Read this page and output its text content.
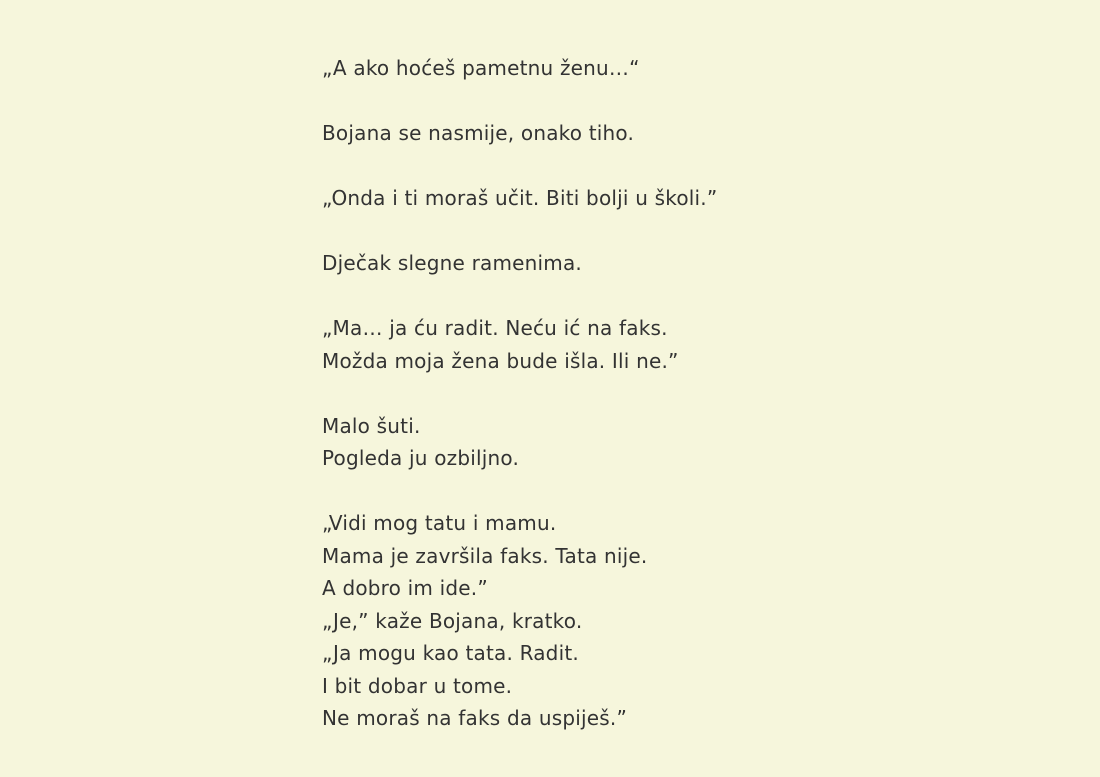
„A ako hoćeš pametnu ženu…“
Bojana se nasmije, onako tiho.
„Onda i ti moraš učit. Biti bolji u školi.”
Dječak slegne ramenima.
„Ma… ja ću radit. Neću ić na faks.
Možda moja žena bude išla. Ili ne.”
Malo šuti.
Pogleda ju ozbiljno.
„Vidi mog tatu i mamu.
Mama je završila faks. Tata nije.
A dobro im ide.”
„Je,” kaže Bojana, kratko.
„Ja mogu kao tata. Radit.
I bit dobar u tome.
Ne moraš na faks da uspiješ.”
